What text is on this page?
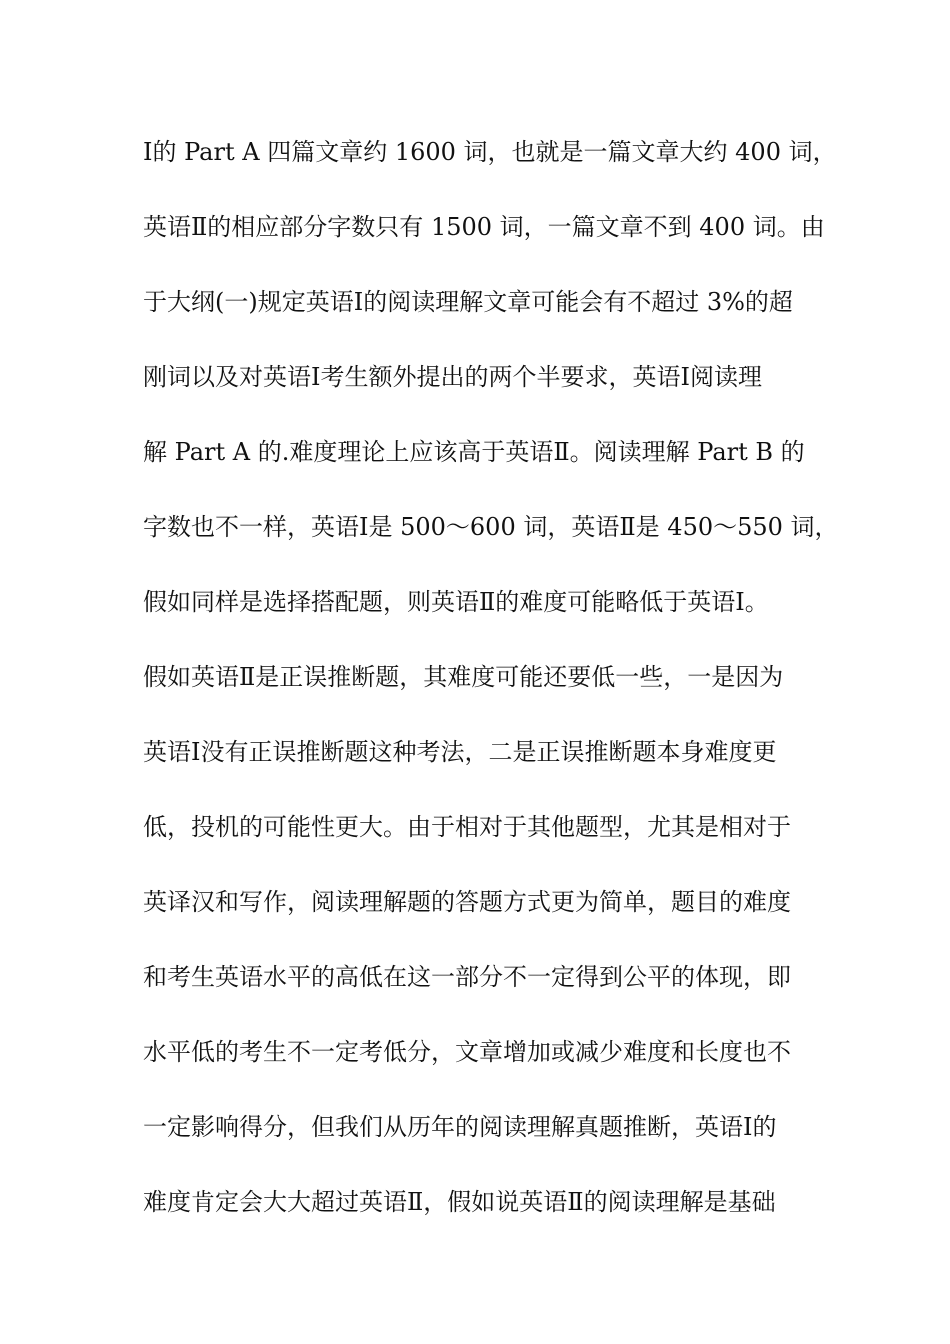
Ⅰ的 Part A 四篇文章约 1600 词，也就是一篇文章大约 400 词，
英语Ⅱ的相应部分字数只有 1500 词，一篇文章不到 400 词。由
于大纲(一)规定英语Ⅰ的阅读理解文章可能会有不超过 3%的超
刚词以及对英语Ⅰ考生额外提出的两个半要求，英语Ⅰ阅读理
解 Part A 的.难度理论上应该高于英语Ⅱ。阅读理解 Part B 的
字数也不一样，英语Ⅰ是 500～600 词，英语Ⅱ是 450～550 词，
假如同样是选择搭配题，则英语Ⅱ的难度可能略低于英语Ⅰ。
假如英语Ⅱ是正误推断题，其难度可能还要低一些，一是因为
英语Ⅰ没有正误推断题这种考法，二是正误推断题本身难度更
低，投机的可能性更大。由于相对于其他题型，尤其是相对于
英译汉和写作，阅读理解题的答题方式更为简单，题目的难度
和考生英语水平的高低在这一部分不一定得到公平的体现，即
水平低的考生不一定考低分，文章增加或减少难度和长度也不
一定影响得分，但我们从历年的阅读理解真题推断，英语Ⅰ的
难度肯定会大大超过英语Ⅱ，假如说英语Ⅱ的阅读理解是基础
